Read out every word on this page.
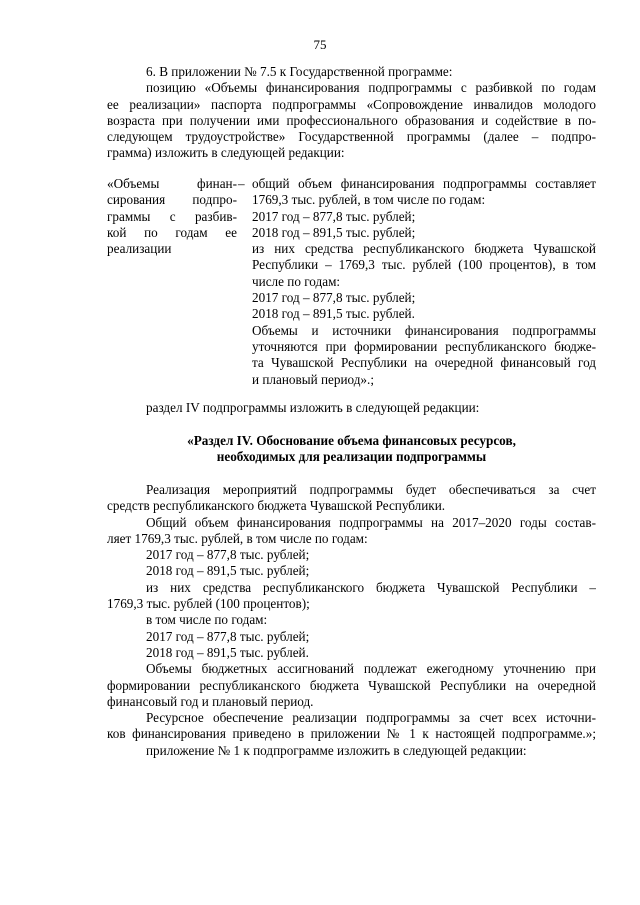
75
6. В приложении № 7.5 к Государственной программе:
позицию «Объемы финансирования подпрограммы с разбивкой по годам
ее реализации» паспорта подпрограммы «Сопровождение инвалидов молодого
возраста при получении ими профессионального образования и содействие в по-
следующем трудоустройстве» Государственной программы (далее – подпро-
грамма) изложить в следующей редакции:
«Объемы финан-
сирования подпро-
граммы с разбив-
кой по годам ее
реализации
– общий объем финансирования подпрограммы составляет
1769,3 тыс. рублей, в том числе по годам:
2017 год – 877,8 тыс. рублей;
2018 год – 891,5 тыс. рублей;
из них средства республиканского бюджета Чувашской
Республики – 1769,3 тыс. рублей (100 процентов), в том
числе по годам:
2017 год – 877,8 тыс. рублей;
2018 год – 891,5 тыс. рублей.
Объемы и источники финансирования подпрограммы
уточняются при формировании республиканского бюдже-
та Чувашской Республики на очередной финансовый год
и плановый период».;
раздел IV подпрограммы изложить в следующей редакции:
«Раздел IV. Обоснование объема финансовых ресурсов,
необходимых для реализации подпрограммы
Реализация мероприятий подпрограммы будет обеспечиваться за счет
средств республиканского бюджета Чувашской Республики.
Общий объем финансирования подпрограммы на 2017–2020 годы состав-
ляет 1769,3 тыс. рублей, в том числе по годам:
2017 год – 877,8 тыс. рублей;
2018 год – 891,5 тыс. рублей;
из них средства республиканского бюджета Чувашской Республики –
1769,3 тыс. рублей (100 процентов);
в том числе по годам:
2017 год – 877,8 тыс. рублей;
2018 год – 891,5 тыс. рублей.
Объемы бюджетных ассигнований подлежат ежегодному уточнению при
формировании республиканского бюджета Чувашской Республики на очередной
финансовый год и плановый период.
Ресурсное обеспечение реализации подпрограммы за счет всех источни-
ков финансирования приведено в приложении № 1 к настоящей подпрограмме.»;
приложение № 1 к подпрограмме изложить в следующей редакции:
